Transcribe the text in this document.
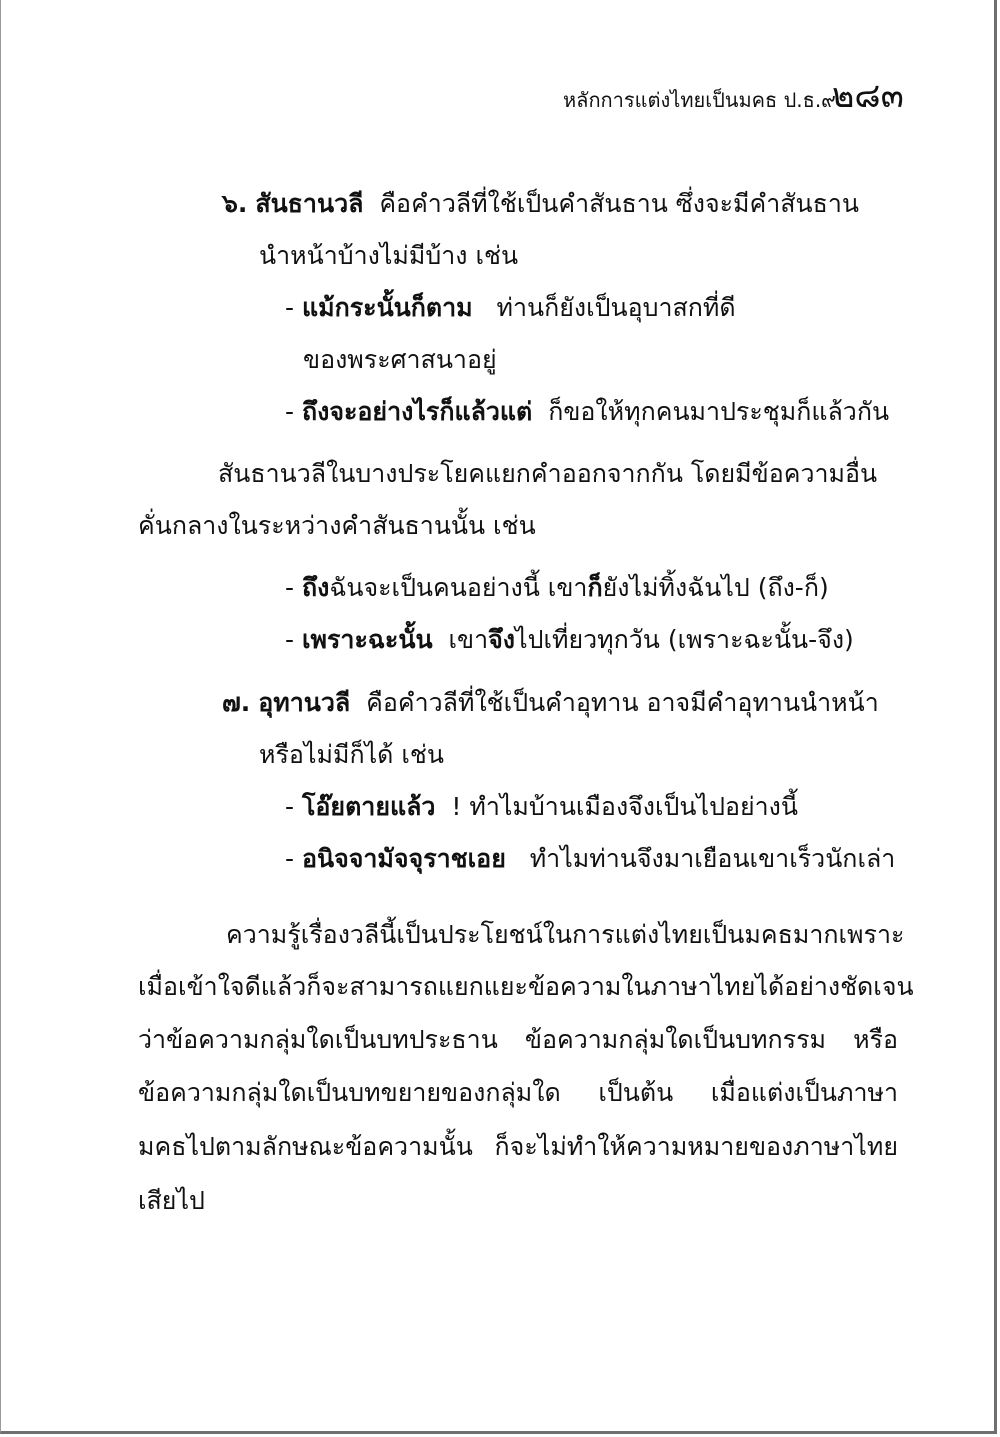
หลักการแต่งไทยเป็นมคธ ป.ธ.๙
๒๘๓
๖. สันธานวลี คือคำวลีที่ใช้เป็นคำสันธาน ซึ่งจะมีคำสันธาน
นำหน้าบ้างไม่มีบ้าง เช่น
- แม้กระนั้นก็ตาม ท่านก็ยังเป็นอุบาสกที่ดี
ของพระศาสนาอยู่
- ถึงจะอย่างไรก็แล้วแต่ ก็ขอให้ทุกคนมาประชุมก็แล้วกัน
สันธานวลีในบางประโยคแยกคำออกจากกัน โดยมีข้อความอื่น
คั่นกลางในระหว่างคำสันธานนั้น เช่น
- ถึงฉันจะเป็นคนอย่างนี้ เขาก็ยังไม่ทิ้งฉันไป (ถึง-ก็)
- เพราะฉะนั้น เขาจึงไปเที่ยวทุกวัน (เพราะฉะนั้น-จึง)
๗. อุทานวลี คือคำวลีที่ใช้เป็นคำอุทาน อาจมีคำอุทานนำหน้า
หรือไม่มีก็ได้ เช่น
- โอ๊ยตายแล้ว ! ทำไมบ้านเมืองจึงเป็นไปอย่างนี้
- อนิจจามัจจุราชเอย ทำไมท่านจึงมาเยือนเขาเร็วนักเล่า
ความรู้เรื่องวลีนี้เป็นประโยชน์ในการแต่งไทยเป็นมคธมาก เพราะ
เมื่อเข้าใจดีแล้วก็จะสามารถแยกแยะข้อความในภาษาไทยได้อย่างชัดเจน
ว่าข้อความกลุ่มใดเป็นบทประธาน ข้อความกลุ่มใดเป็นบทกรรม หรือ
ข้อความกลุ่มใดเป็นบทขยายของกลุ่มใด เป็นต้น เมื่อแต่งเป็นภาษา
มคธไปตามลักษณะข้อความนั้น ก็จะไม่ทำให้ความหมายของภาษาไทย
เสียไป
